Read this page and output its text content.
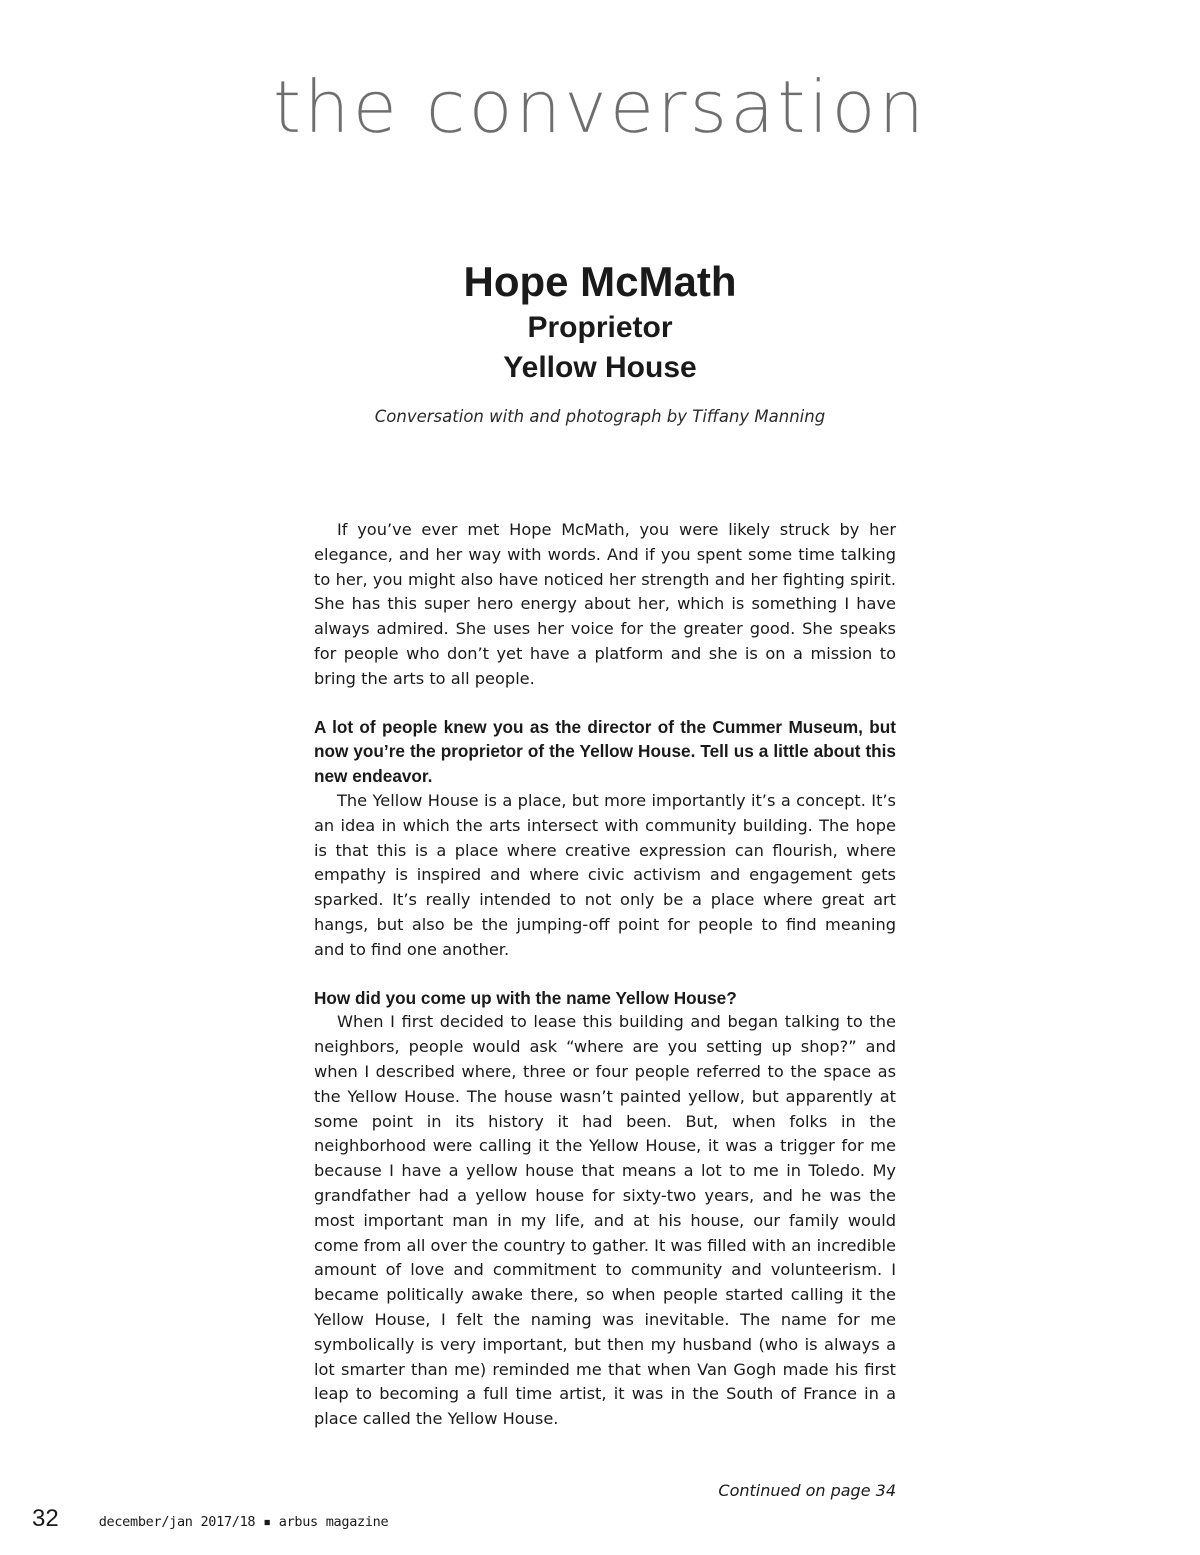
the conversation
Hope McMath
Proprietor
Yellow House
Conversation with and photograph by Tiffany Manning

If you’ve ever met Hope McMath, you were likely struck by her elegance, and her way with words. And if you spent some time talking to her, you might also have noticed her strength and her fighting spirit. She has this super hero energy about her, which is something I have always admired. She uses her voice for the greater good. She speaks for people who don’t yet have a platform and she is on a mission to bring the arts to all people.

A lot of people knew you as the director of the Cummer Museum, but now you’re the proprietor of the Yellow House. Tell us a little about this new endeavor.

The Yellow House is a place, but more importantly it’s a concept. It’s an idea in which the arts intersect with community building. The hope is that this is a place where creative expression can flourish, where empathy is inspired and where civic activism and engagement gets sparked. It’s really intended to not only be a place where great art hangs, but also be the jumping-off point for people to find meaning and to find one another.

How did you come up with the name Yellow House?

When I first decided to lease this building and began talking to the neighbors, people would ask “where are you setting up shop?” and when I described where, three or four people referred to the space as the Yellow House. The house wasn’t painted yellow, but apparently at some point in its history it had been. But, when folks in the neighborhood were calling it the Yellow House, it was a trigger for me because I have a yellow house that means a lot to me in Toledo. My grandfather had a yellow house for sixty-two years, and he was the most important man in my life, and at his house, our family would come from all over the country to gather. It was filled with an incredible amount of love and commitment to community and volunteerism. I became politically awake there, so when people started calling it the Yellow House, I felt the naming was inevitable. The name for me symbolically is very important, but then my husband (who is always a lot smarter than me) reminded me that when Van Gogh made his first leap to becoming a full time artist, it was in the South of France in a place called the Yellow House.

Continued on page 34
32	december/jan 2017/18 ▪ arbus magazine
